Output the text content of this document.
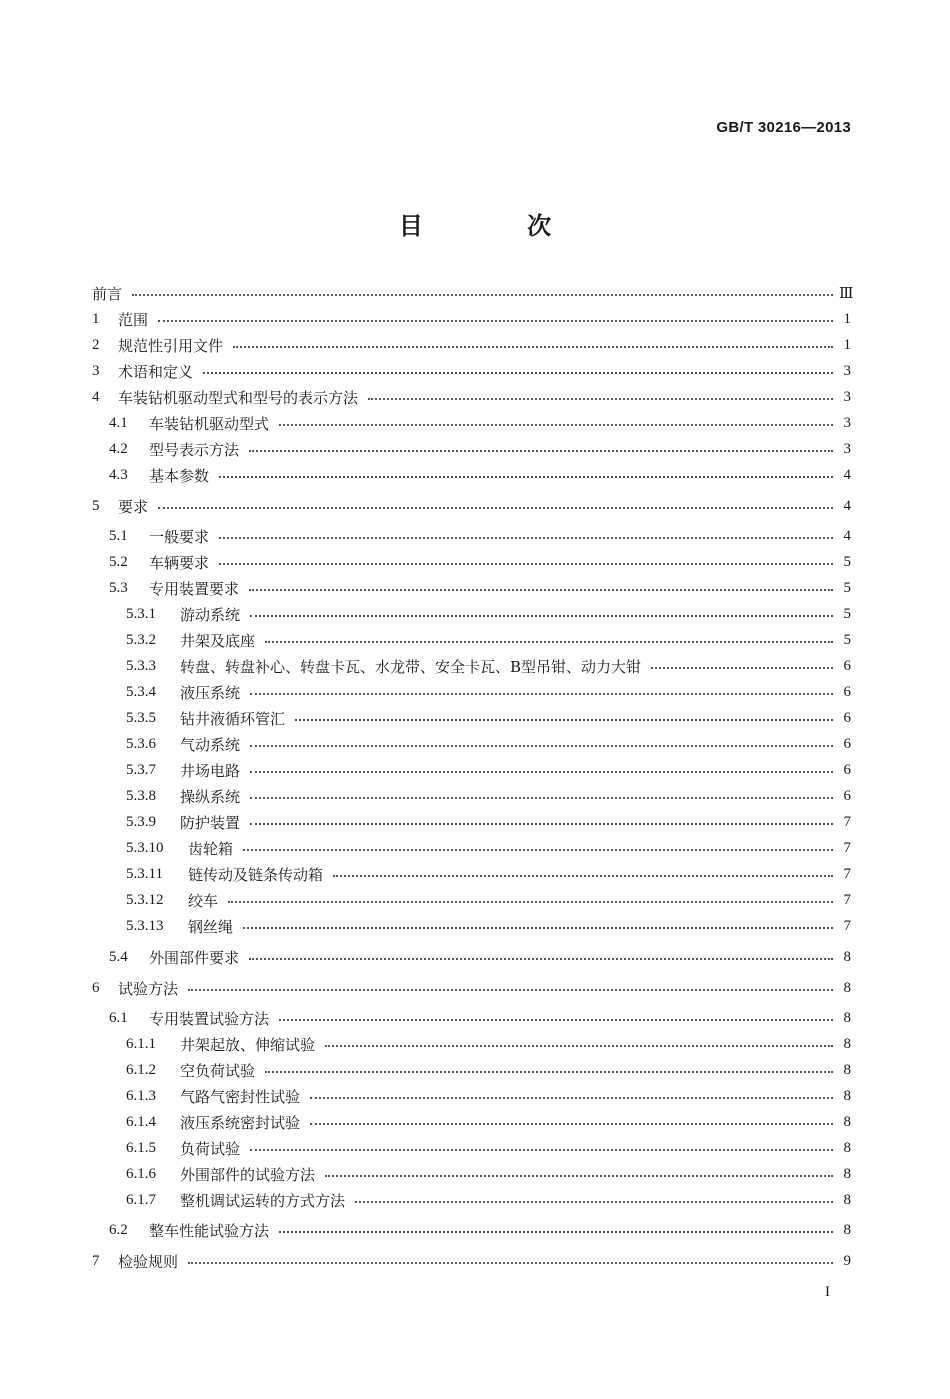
GB/T 30216—2013
目 次
前言	Ⅲ
1	范围	1
2	规范性引用文件	1
3	术语和定义	3
4	车装钻机驱动型式和型号的表示方法	3
4.1	车装钻机驱动型式	3
4.2	型号表示方法	3
4.3	基本参数	4
5	要求	4
5.1	一般要求	4
5.2	车辆要求	5
5.3	专用装置要求	5
5.3.1	游动系统	5
5.3.2	井架及底座	5
5.3.3	转盘、转盘补心、转盘卡瓦、水龙带、安全卡瓦、B型吊钳、动力大钳	6
5.3.4	液压系统	6
5.3.5	钻井液循环管汇	6
5.3.6	气动系统	6
5.3.7	井场电路	6
5.3.8	操纵系统	6
5.3.9	防护装置	7
5.3.10	齿轮箱	7
5.3.11	链传动及链条传动箱	7
5.3.12	绞车	7
5.3.13	钢丝绳	7
5.4	外围部件要求	8
6	试验方法	8
6.1	专用装置试验方法	8
6.1.1	井架起放、伸缩试验	8
6.1.2	空负荷试验	8
6.1.3	气路气密封性试验	8
6.1.4	液压系统密封试验	8
6.1.5	负荷试验	8
6.1.6	外围部件的试验方法	8
6.1.7	整机调试运转的方式方法	8
6.2	整车性能试验方法	8
7	检验规则	9
I
